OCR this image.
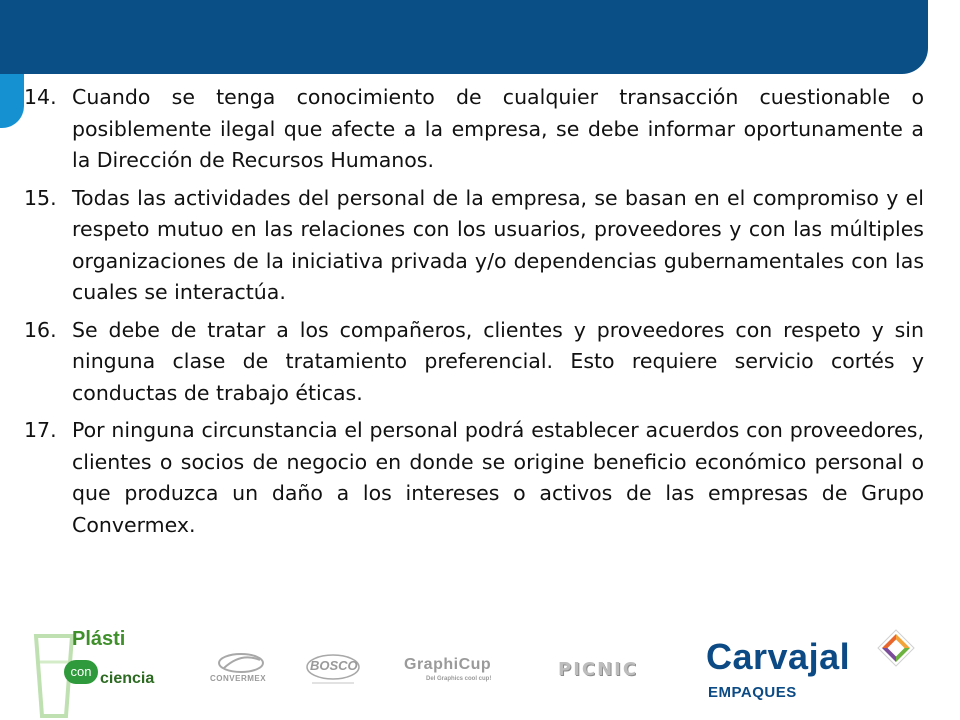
14. Cuando se tenga conocimiento de cualquier transacción cuestionable o posiblemente ilegal que afecte a la empresa, se debe informar oportunamente a la Dirección de Recursos Humanos.
15. Todas las actividades del personal de la empresa, se basan en el compromiso y el respeto mutuo en las relaciones con los usuarios, proveedores y con las múltiples organizaciones de la iniciativa privada y/o dependencias gubernamentales con las cuales se interactúa.
16. Se debe de tratar a los compañeros, clientes y proveedores con respeto y sin ninguna clase de tratamiento preferencial. Esto requiere servicio cortés y conductas de trabajo éticas.
17. Por ninguna circunstancia el personal podrá establecer acuerdos con proveedores, clientes o socios de negocio en donde se origine beneficio económico personal o que produzca un daño a los intereses o activos de las empresas de Grupo Convermex.
Plásti
con ciencia	CONVERMEX
BOSCO	GraphiCup
Del Graphics cool cup!	PICNIC Carvajal
EMPAQUES
